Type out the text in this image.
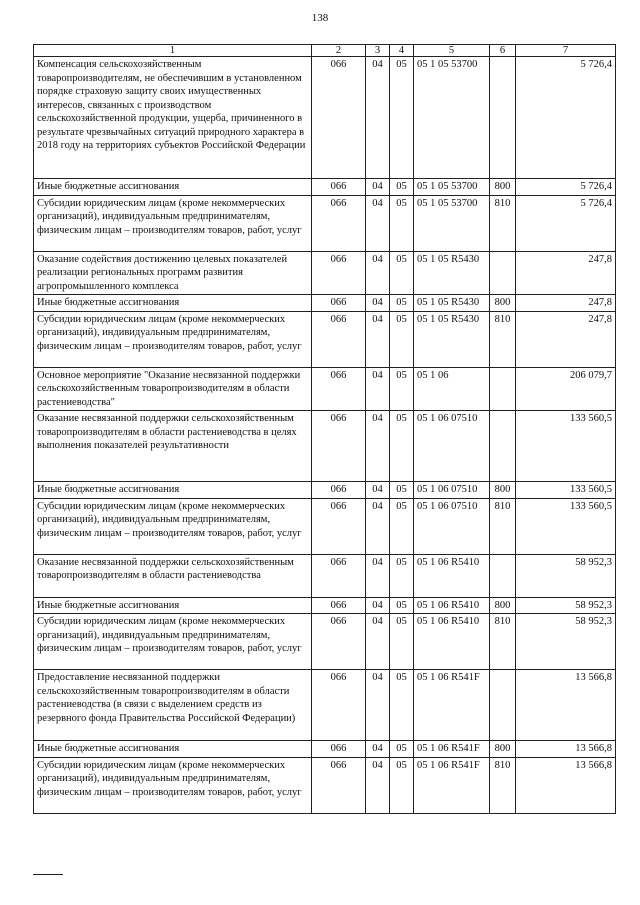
138
1	2	3	4	5	6	7
Компенсация сельскохозяйственным товаропроизводителям, не обеспечившим в установленном порядке страховую защиту своих имущественных интересов, связанных с производством сельскохозяйственной продукции, ущерба, причиненного в результате чрезвычайных ситуаций природного характера в 2018 году на территориях субъектов Российской Федерации	066	04	05	05 1 05 53700		5 726,4
Иные бюджетные ассигнования	066	04	05	05 1 05 53700	800	5 726,4
Субсидии юридическим лицам (кроме некоммерческих организаций), индивидуальным предпринимателям, физическим лицам – производителям товаров, работ, услуг	066	04	05	05 1 05 53700	810	5 726,4
Оказание содействия достижению целевых показателей реализации региональных программ развития агропромышленного комплекса	066	04	05	05 1 05 R5430		247,8
Иные бюджетные ассигнования	066	04	05	05 1 05 R5430	800	247,8
Субсидии юридическим лицам (кроме некоммерческих организаций), индивидуальным предпринимателям, физическим лицам – производителям товаров, работ, услуг	066	04	05	05 1 05 R5430	810	247,8
Основное мероприятие "Оказание несвязанной поддержки сельскохозяйственным товаропроизводителям в области растениеводства"	066	04	05	05 1 06		206 079,7
Оказание несвязанной поддержки сельскохозяйственным товаропроизводителям в области растениеводства в целях выполнения показателей результативности	066	04	05	05 1 06 07510		133 560,5
Иные бюджетные ассигнования	066	04	05	05 1 06 07510	800	133 560,5
Субсидии юридическим лицам (кроме некоммерческих организаций), индивидуальным предпринимателям, физическим лицам – производителям товаров, работ, услуг	066	04	05	05 1 06 07510	810	133 560,5
Оказание несвязанной поддержки сельскохозяйственным товаропроизводителям в области растениеводства	066	04	05	05 1 06 R5410		58 952,3
Иные бюджетные ассигнования	066	04	05	05 1 06 R5410	800	58 952,3
Субсидии юридическим лицам (кроме некоммерческих организаций), индивидуальным предпринимателям, физическим лицам – производителям товаров, работ, услуг	066	04	05	05 1 06 R5410	810	58 952,3
Предоставление несвязанной поддержки сельскохозяйственным товаропроизводителям в области растениеводства (в связи с выделением средств из резервного фонда Правительства Российской Федерации)	066	04	05	05 1 06 R541F		13 566,8
Иные бюджетные ассигнования	066	04	05	05 1 06 R541F	800	13 566,8
Субсидии юридическим лицам (кроме некоммерческих организаций), индивидуальным предпринимателям, физическим лицам – производителям товаров, работ, услуг	066	04	05	05 1 06 R541F	810	13 566,8
